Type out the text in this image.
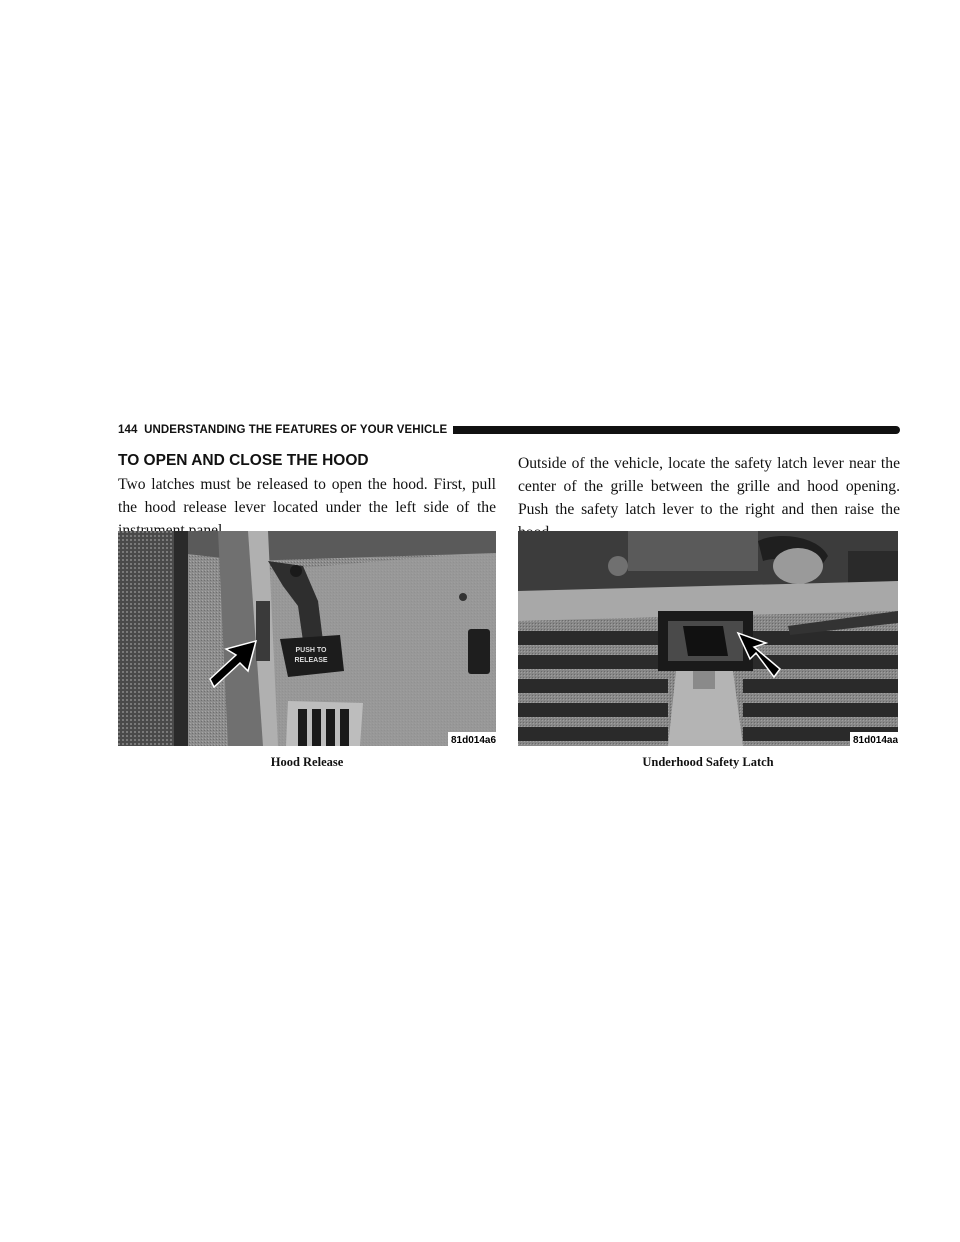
144 UNDERSTANDING THE FEATURES OF YOUR VEHICLE
TO OPEN AND CLOSE THE HOOD

Two latches must be released to open the hood. First, pull the hood release lever located under the left side of the

Outside of the vehicle, locate the safety latch lever near the center of the grille between the grille and hood opening. Push the safety latch lever to the right and then raise the

PUSH TO
RELEASE
81d014a6	81d014aa
Hood Release	Underhood Safety Latch
